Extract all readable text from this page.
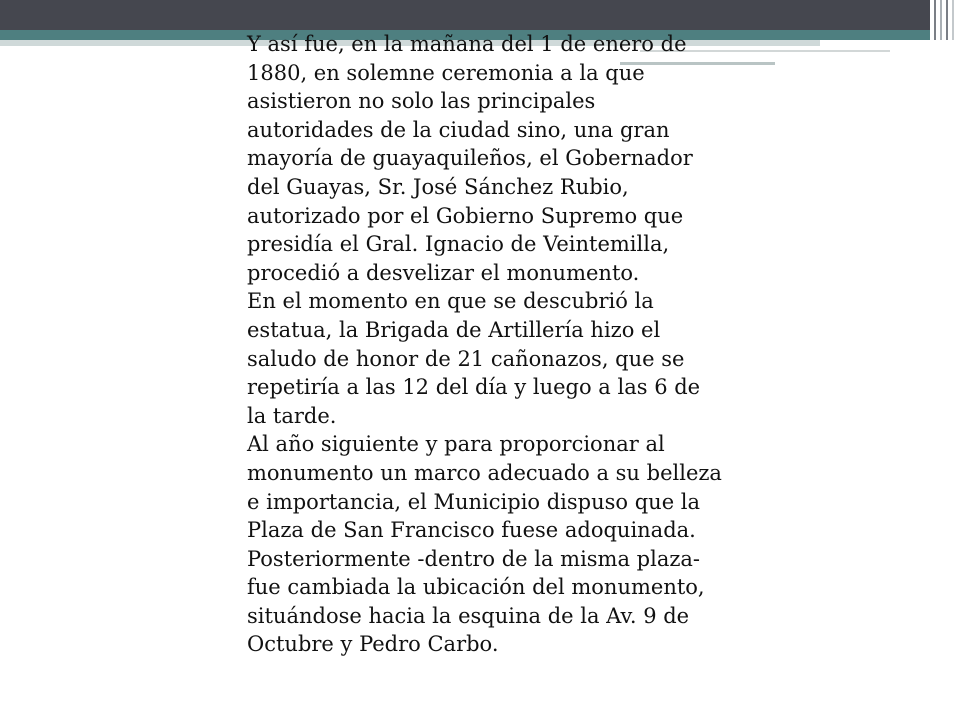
Y así fue, en la mañana del 1 de enero de 1880, en solemne ceremonia a la que asistieron no solo las principales autoridades de la ciudad sino, una gran mayoría de guayaquileños, el Gobernador del Guayas, Sr. José Sánchez Rubio, autorizado por el Gobierno Supremo que presidía el Gral. Ignacio de Veintemilla, procedió a desvelizar el monumento.

En el momento en que se descubrió la estatua, la Brigada de Artillería hizo el saludo de honor de 21 cañonazos, que se repetiría a las 12 del día y luego a las 6 de la tarde.

Al año siguiente y para proporcionar al monumento un marco adecuado a su belleza e importancia, el Municipio dispuso que la Plaza de San Francisco fuese adoquinada.

Posteriormente -dentro de la misma plaza- fue cambiada la ubicación del monumento, situándose hacia la esquina de la Av. 9 de Octubre y Pedro Carbo.
